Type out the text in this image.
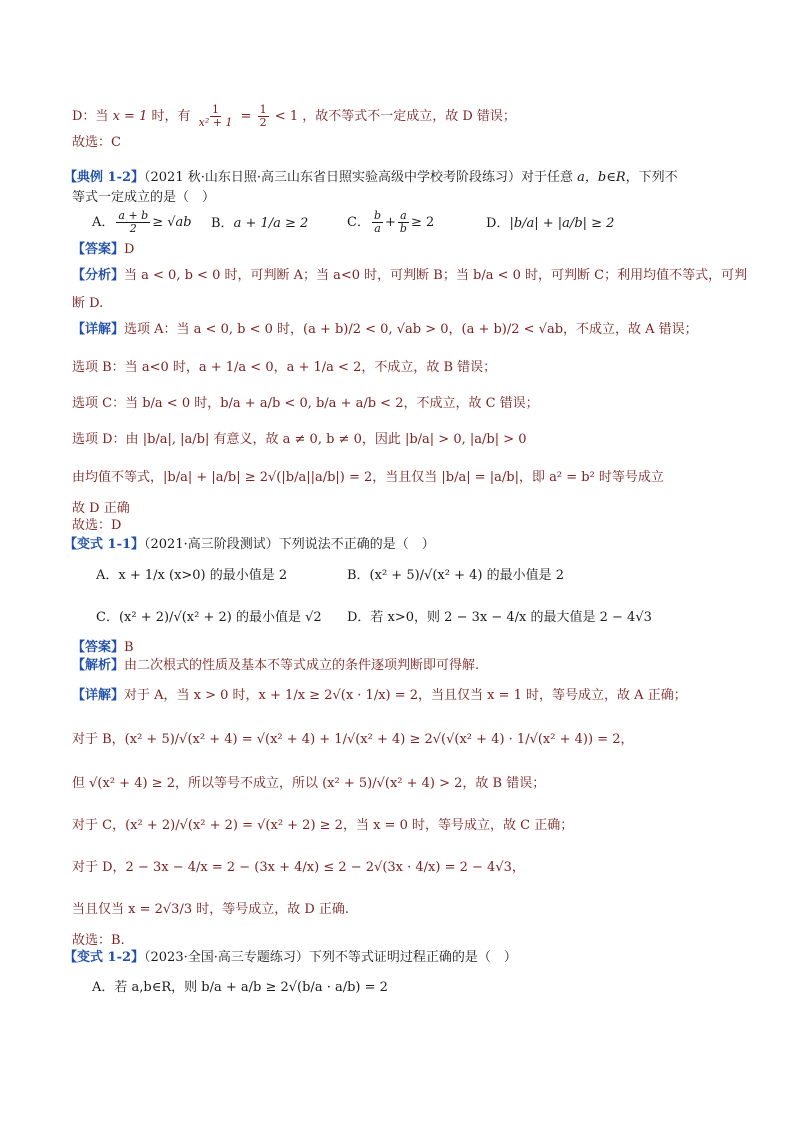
D：当 x = 1 时，有 $\frac{1}{\text{x² + 1}} = \frac{1}{2} < 1$ ，故不等式不一定成立，故 D 错误；
故选：C
【典例 1-2】（2021 秋·山东日照·高三山东省日照实验高级中学校考阶段练习）对于任意 a，b∈R，下列不
等式一定成立的是（　）
A． $\frac{a + b}{2} \ge √ab$ B．a + 1/a ≥ 2	C． $\frac{b}{a} + \frac{a}{b} \ge 2$	D．|b/a| + |a/b| ≥ 2
【答案】D
【分析】当 a < 0, b < 0 时，可判断 A；当 a<0 时，可判断 B；当 b/a < 0 时，可判断 C；利用均值不等式，可判
断 D.
【详解】选项 A：当 a < 0, b < 0 时，(a + b)/2 < 0, √ab > 0，(a + b)/2 < √ab，不成立，故 A 错误；
选项 B：当 a<0 时，a + 1/a < 0，a + 1/a < 2，不成立，故 B 错误；
选项 C：当 b/a < 0 时，b/a + a/b < 0, b/a + a/b < 2，不成立，故 C 错误；
选项 D：由 |b/a|, |a/b| 有意义，故 a ≠ 0, b ≠ 0，因此 |b/a| > 0, |a/b| > 0
由均值不等式，|b/a| + |a/b| ≥ 2√(|b/a||a/b|) = 2，当且仅当 |b/a| = |a/b|，即 a² = b² 时等号成立
故 D 正确
故选：D
【变式 1-1】（2021·高三阶段测试）下列说法不正确的是（　）
A．x + 1/x (x>0) 的最小值是 2	B．(x² + 5)/√(x² + 4) 的最小值是 2
C．(x² + 2)/√(x² + 2) 的最小值是 √2 D．若 x>0，则 2 − 3x − 4/x 的最大值是 2 − 4√3
【答案】B
【解析】由二次根式的性质及基本不等式成立的条件逐项判断即可得解.
【详解】对于 A，当 x > 0 时，x + 1/x ≥ 2√(x · 1/x) = 2，当且仅当 x = 1 时，等号成立，故 A 正确；
对于 B，(x² + 5)/√(x² + 4) = √(x² + 4) + 1/√(x² + 4) ≥ 2√(√(x² + 4) · 1/√(x² + 4)) = 2，
但 √(x² + 4) ≥ 2，所以等号不成立，所以 (x² + 5)/√(x² + 4) > 2，故 B 错误；
对于 C，(x² + 2)/√(x² + 2) = √(x² + 2) ≥ 2，当 x = 0 时，等号成立，故 C 正确；
对于 D，2 − 3x − 4/x = 2 − (3x + 4/x) ≤ 2 − 2√(3x · 4/x) = 2 − 4√3，
当且仅当 x = 2√3/3 时，等号成立，故 D 正确.
故选：B.
【变式 1-2】（2023·全国·高三专题练习）下列不等式证明过程正确的是（　）
A．若 a,b∈R，则 b/a + a/b ≥ 2√(b/a · a/b) = 2
